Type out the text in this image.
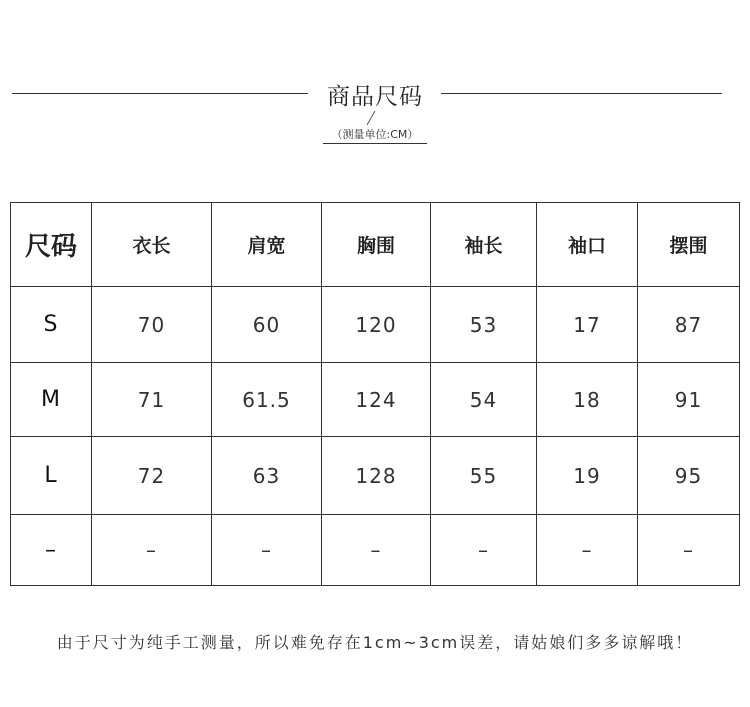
商品尺码
（测量单位:CM）
尺码	衣长	肩宽	胸围	袖长	袖口	摆围
S	70	60	120	53	17	87
M	71	61.5	124	54	18	91
L	72	63	128	55	19	95
–	–	–	–	–	–	–
由于尺寸为纯手工测量，所以难免存在1cm~3cm误差，请姑娘们多多谅解哦！
